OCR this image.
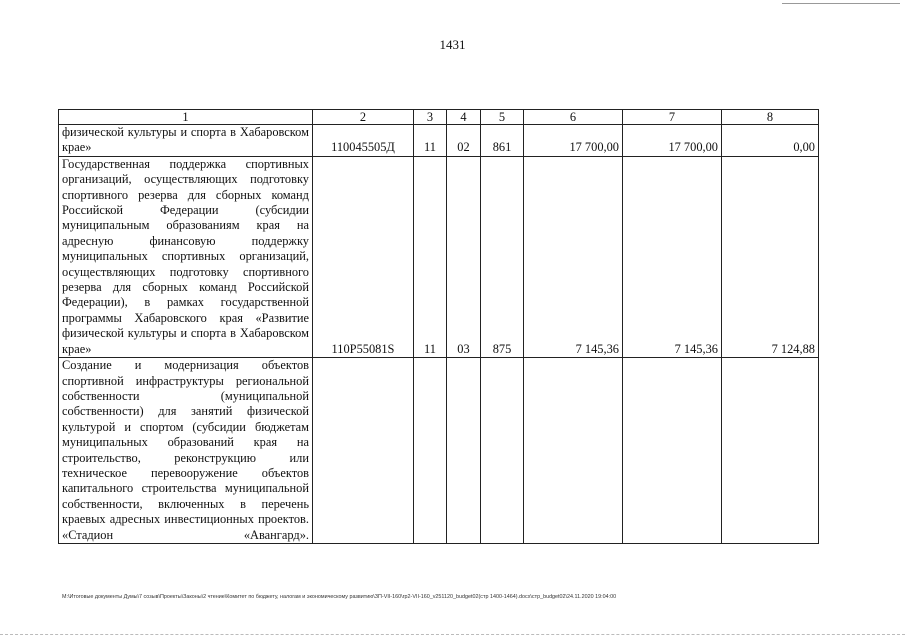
1431
1	2	3	4	5	6	7	8
физической культуры и спорта в Хабаровском крае»	110045505Д	11	02	861	17 700,00	17 700,00	0,00
Государственная поддержка спортивных организаций, осуществляющих подготовку спортивного резерва для сборных команд Российской Федерации (субсидии муниципальным образованиям края на адресную финансовую поддержку муниципальных спортивных организаций, осуществляющих подготовку спортивного резерва для сборных команд Российской Федерации), в рамках государственной программы Хабаровского края «Развитие физической культуры и спорта в Хабаровском крае»	110P55081S	11	03	875	7 145,36	7 145,36	7 124,88
Создание и модернизация объектов спортивной инфраструктуры региональной собственности (муниципальной собственности) для занятий физической культурой и спортом (субсидии бюджетам муниципальных образований края на строительство, реконструкцию или техническое перевооружение объектов капитального строительства муниципальной собственности, включенных в перечень краевых адресных инвестиционных проектов. «Стадион «Авангард».							
M:\Итоговые документы Думы\7 созыв\Проекты\Законы\2 чтение\Комитет по бюджету, налогам и экономическому развитию\ЗП-VII-160\гр2-VII-160_v251120_budget02(стр 1400-1464).docx\стр_budget02\24.11.2020 19:04:00
